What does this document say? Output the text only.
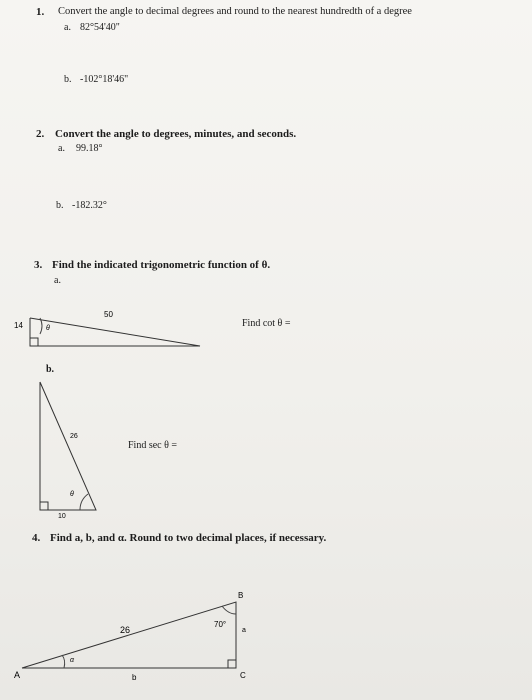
1. Convert the angle to decimal degrees and round to the nearest hundredth of a degree
a. 82°54'40"
b. -102°18'46"
2. Convert the angle to degrees, minutes, and seconds.
a. 99.18°
b. -182.32°
3. Find the indicated trigonometric function of θ.
a.
Find cot θ =
b.
Find sec θ =
4. Find a, b, and α. Round to two decimal places, if necessary.
14
50
θ
26
10
θ
A
B
C
26
70°
a
b
α
